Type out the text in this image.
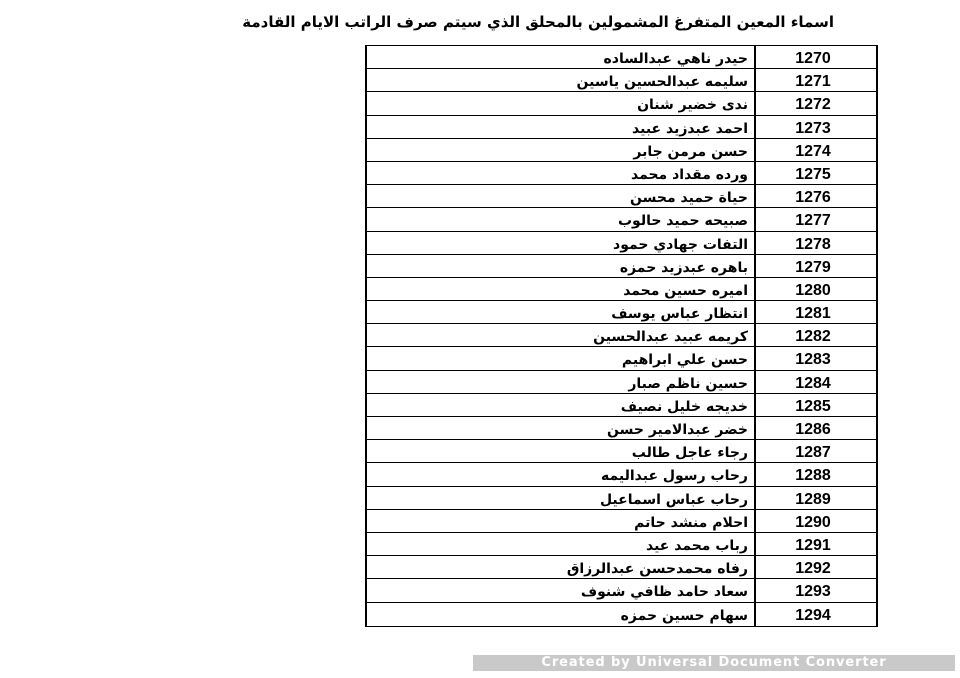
اسماء المعين المتفرغ المشمولين بالمحلق الذي سيتم صرف الراتب الايام القادمة
حيدر ناهي عبدالساده	1270
سليمه عبدالحسين ياسين	1271
ندى خضير شنان	1272
احمد عبدزيد عبيد	1273
حسن مرمن جابر	1274
ورده مقداد محمد	1275
حياة حميد محسن	1276
صبيحه حميد حالوب	1277
التفات جهادي حمود	1278
باهره عبدزيد حمزه	1279
اميره حسين محمد	1280
انتظار عباس يوسف	1281
كريمه عبيد عبدالحسين	1282
حسن علي ابراهيم	1283
حسين ناظم صبار	1284
خديجه خليل نصيف	1285
خضر عبدالامير حسن	1286
رجاء عاجل طالب	1287
رحاب رسول عبداليمه	1288
رحاب عباس اسماعيل	1289
احلام منشد حاتم	1290
رباب محمد عيد	1291
رفاه محمدحسن عبدالرزاق	1292
سعاد حامد ظافي شنوف	1293
سهام حسين حمزه	1294
Created by Universal Document Converter
